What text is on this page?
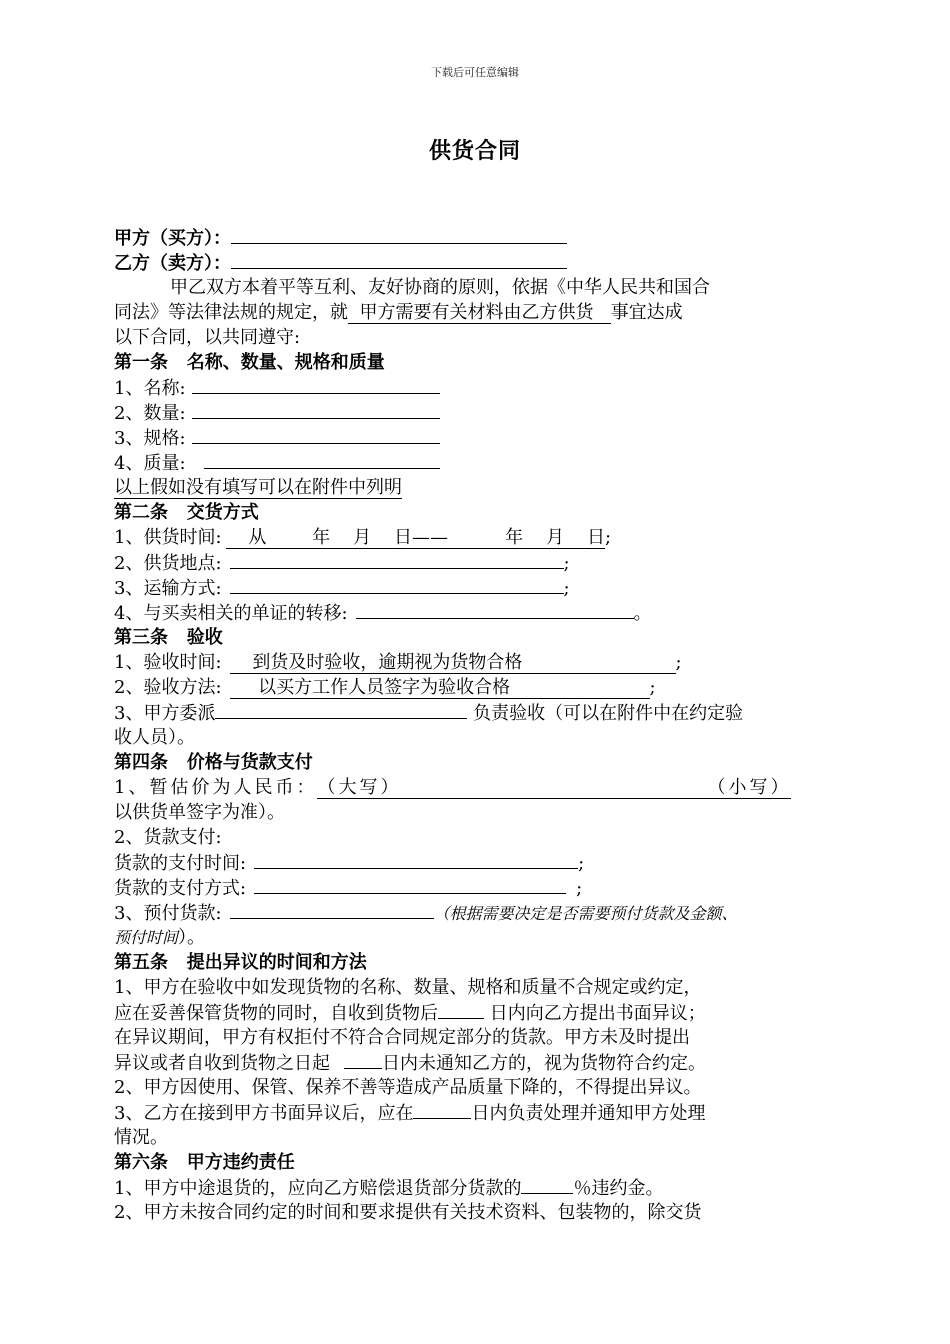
下载后可任意编辑
供货合同
甲方（买方）：
乙方（卖方）：
甲乙双方本着平等互利、友好协商的原则，依据《中华人民共和国合
同法》等法律法规的规定，就  甲方需要有关材料由乙方供货   事宜达成
以下合同，以共同遵守:
第一条   名称、数量、规格和质量
1、名称:
2、数量:
3、规格:
4、质量:
以上假如没有填写可以在附件中列明
第二条   交货方式
1、供货时间:    从        年    月    日——          年    月    日;
2、供货地点:	;
3、运输方式:	;
4、与买卖相关的单证的转移:	。
第三条   验收
1、验收时间:    到货及时验收，逾期视为货物合格	;
2、验收方法:     以买方工作人员签字为验收合格	;
3、甲方委派	负责验收（可以在附件中在约定验
收人员）。
第四条   价格与货款支付
1、暂估价为人民币：（大写）	（小写）
以供货单签字为准）。
2、货款支付:
货款的支付时间:	;
货款的支付方式:	;
3、预付货款:	（根据需要决定是否需要预付货款及金额、
预付时间）。
第五条   提出异议的时间和方法
1、甲方在验收中如发现货物的名称、数量、规格和质量不合规定或约定，
应在妥善保管货物的同时，自收到货物后	日内向乙方提出书面异议；
在异议期间，甲方有权拒付不符合合同规定部分的货款。甲方未及时提出
异议或者自收到货物之日起	日内未通知乙方的，视为货物符合约定。
2、甲方因使用、保管、保养不善等造成产品质量下降的，不得提出异议。
3、乙方在接到甲方书面异议后，应在	日内负责处理并通知甲方处理
情况。
第六条   甲方违约责任
1、甲方中途退货的，应向乙方赔偿退货部分货款的	％违约金。
2、甲方未按合同约定的时间和要求提供有关技术资料、包装物的，除交货
